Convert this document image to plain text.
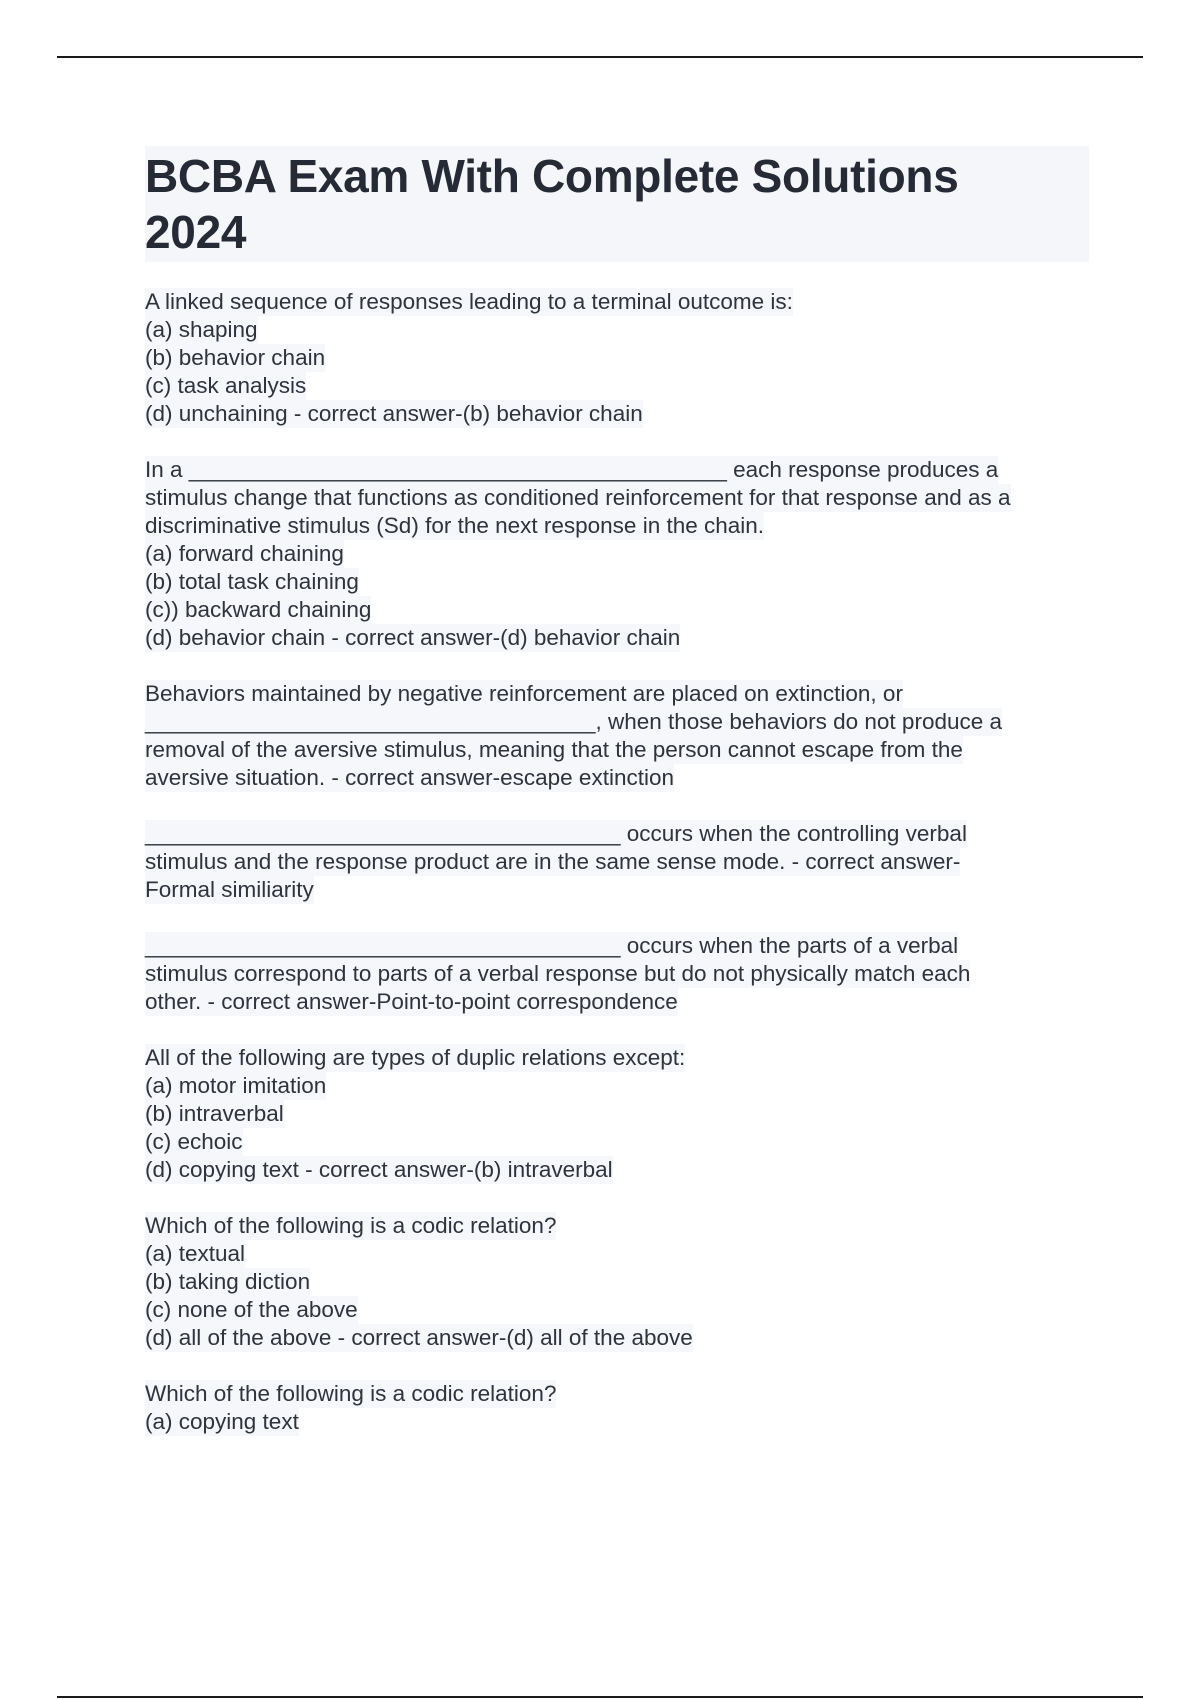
BCBA Exam With Complete Solutions
2024
A linked sequence of responses leading to a terminal outcome is:
(a) shaping
(b) behavior chain
(c) task analysis
(d) unchaining - correct answer-(b) behavior chain
In a ___________________________________________ each response produces a
stimulus change that functions as conditioned reinforcement for that response and as a
discriminative stimulus (Sd) for the next response in the chain.
(a) forward chaining
(b) total task chaining
(c)) backward chaining
(d) behavior chain - correct answer-(d) behavior chain
Behaviors maintained by negative reinforcement are placed on extinction, or
____________________________________, when those behaviors do not produce a
removal of the aversive stimulus, meaning that the person cannot escape from the
aversive situation. - correct answer-escape extinction
______________________________________ occurs when the controlling verbal
stimulus and the response product are in the same sense mode. - correct answer-
Formal similiarity
______________________________________ occurs when the parts of a verbal
stimulus correspond to parts of a verbal response but do not physically match each
other. - correct answer-Point-to-point correspondence
All of the following are types of duplic relations except:
(a) motor imitation
(b) intraverbal
(c) echoic
(d) copying text - correct answer-(b) intraverbal
Which of the following is a codic relation?
(a) textual
(b) taking diction
(c) none of the above
(d) all of the above - correct answer-(d) all of the above
Which of the following is a codic relation?
(a) copying text
